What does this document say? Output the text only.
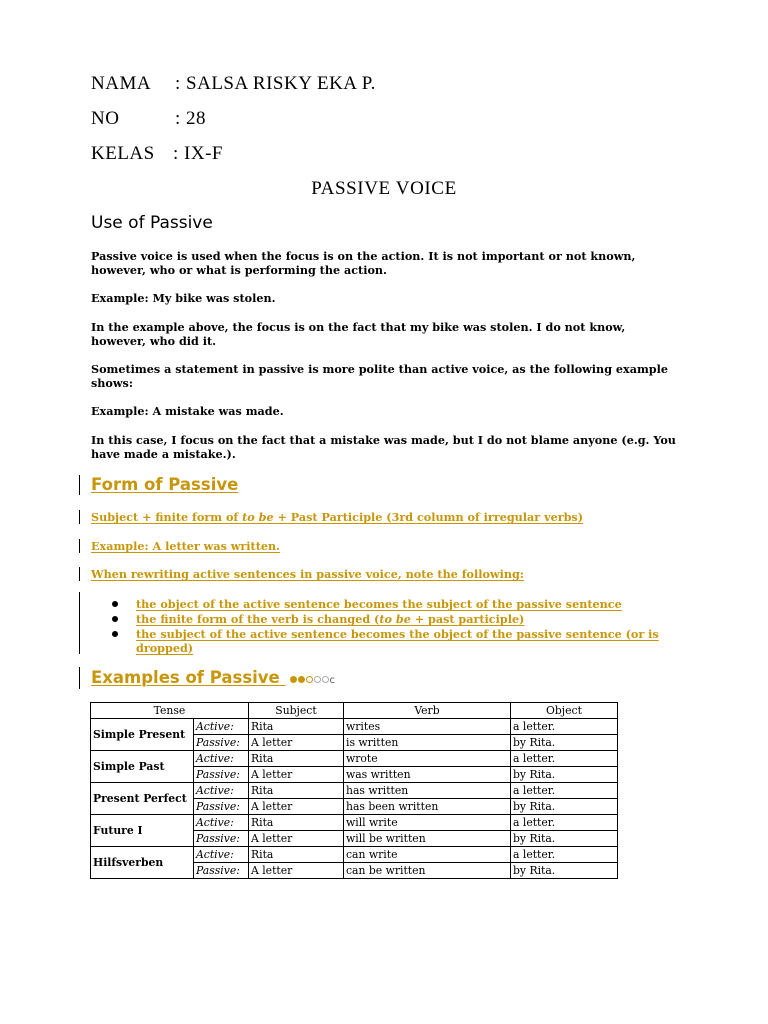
NAMA : SALSA RISKY EKA P.
NO	: 28
KELAS : IX-F
PASSIVE VOICE
Use of Passive
Passive voice is used when the focus is on the action. It is not important or not known, however, who or what is performing the action.
Example: My bike was stolen.
In the example above, the focus is on the fact that my bike was stolen. I do not know, however, who did it.
Sometimes a statement in passive is more polite than active voice, as the following example shows:
Example: A mistake was made.
In this case, I focus on the fact that a mistake was made, but I do not blame anyone (e.g. You have made a mistake.).
Form of Passive
Subject + finite form of to be + Past Participle (3rd column of irregular verbs)
Example: A letter was written.
When rewriting active sentences in passive voice, note the following:
the object of the active sentence becomes the subject of the passive sentence
the finite form of the verb is changed (to be + past participle)
the subject of the active sentence becomes the object of the passive sentence (or is dropped)
Examples of Passive	c
Tense		Subject	Verb	Object
Simple Present	Active:	Rita	writes	a letter.
	Passive:	A letter	is written	by Rita.
Simple Past	Active:	Rita	wrote	a letter.
	Passive:	A letter	was written	by Rita.
Present Perfect	Active:	Rita	has written	a letter.
	Passive:	A letter	has been written	by Rita.
Future I	Active:	Rita	will write	a letter.
	Passive:	A letter	will be written	by Rita.
Hilfsverben	Active:	Rita	can write	a letter.
	Passive:	A letter	can be written	by Rita.
